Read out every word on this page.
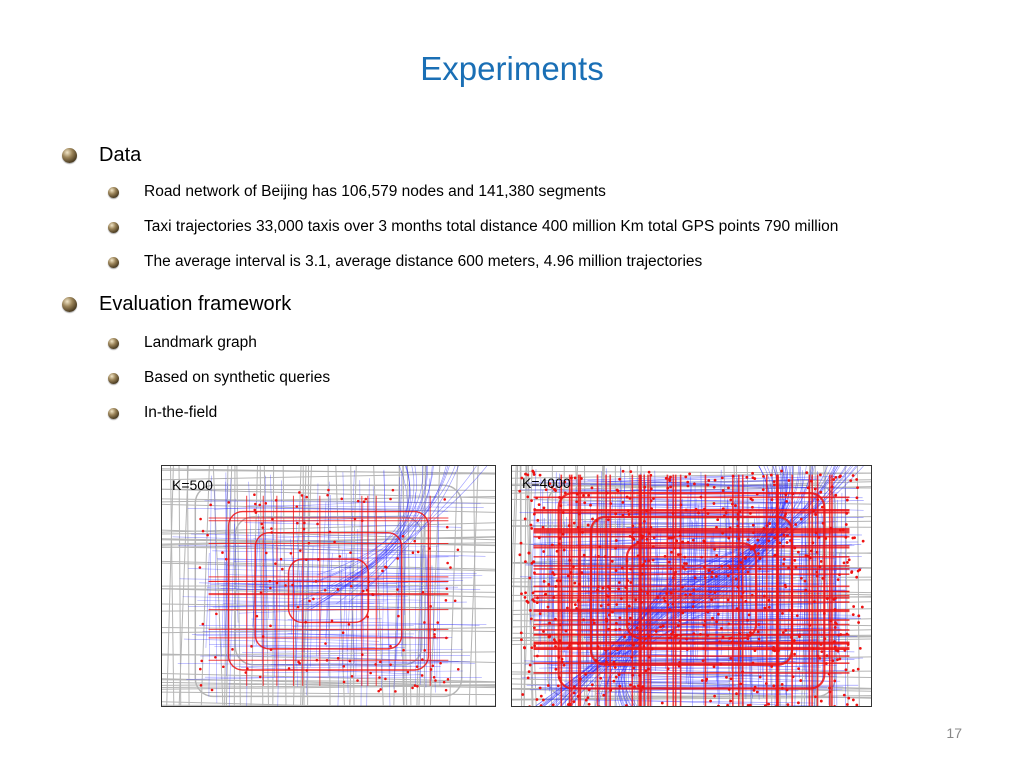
Experiments
Data
Road network of Beijing has 106,579 nodes and 141,380 segments
Taxi trajectories 33,000 taxis over 3 months total distance 400 million Km total GPS points 790 million
The average interval is 3.1, average distance 600 meters, 4.96 million trajectories
Evaluation framework
Landmark graph
Based on synthetic queries
In-the-field
K=500	K=4000
17
